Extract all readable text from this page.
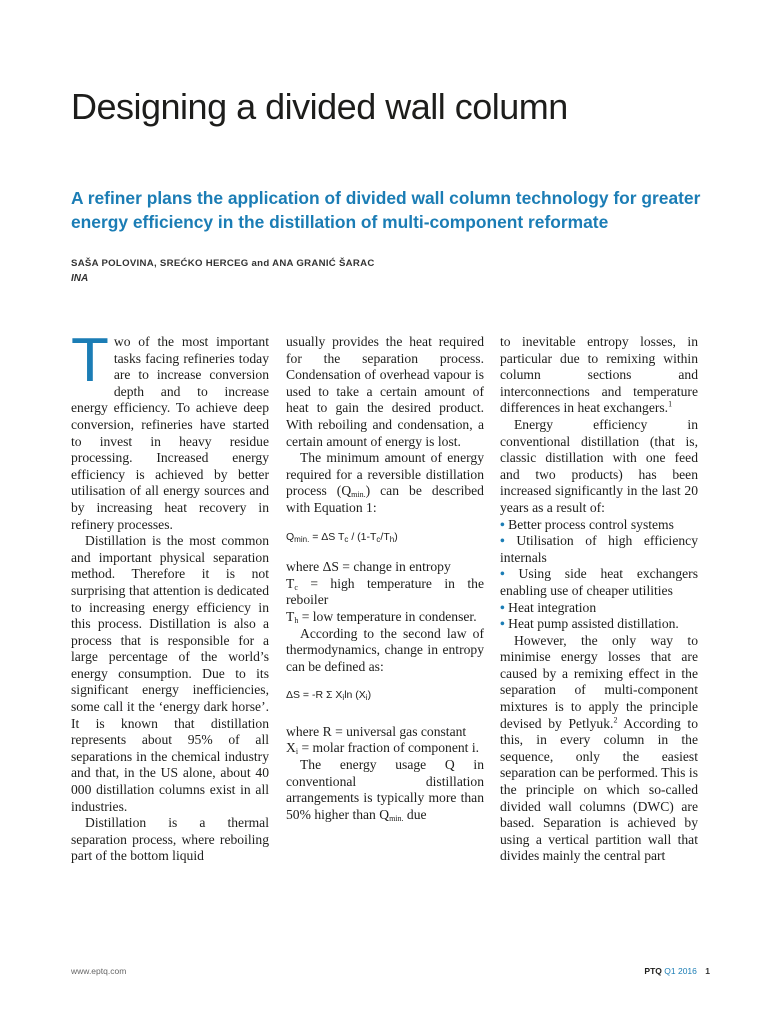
Designing a divided wall column

A refiner plans the application of divided wall column technology for greater energy efficiency in the distillation of multi-component reformate

SAŠA POLOVINA, SREĆKO HERCEG and ANA GRANIĆ ŠARAC
INA

Two of the most important tasks facing refineries today are to increase conversion depth and to increase energy efficiency. To achieve deep conversion, refineries have started to invest in heavy residue processing. Increased energy efficiency is achieved by better utilisation of all energy sources and by increasing heat recovery in refinery processes.

Distillation is the most common and important physical separation method. Therefore it is not surprising that attention is dedicated to increasing energy efficiency in this process. Distillation is also a process that is responsible for a large percentage of the world’s energy consumption. Due to its significant energy inefficiencies, some call it the ‘energy dark horse’. It is known that distillation represents about 95% of all separations in the chemical industry and that, in the US alone, about 40 000 distillation columns exist in all industries.

Distillation is a thermal separation process, where reboiling part of the bottom liquid

usually provides the heat required for the separation process. Condensation of overhead vapour is used to take a certain amount of heat to gain the desired product. With reboiling and condensation, a certain amount of energy is lost.

The minimum amount of energy required for a reversible distillation process $(Q_{min.})$ can be described with Equation 1:

$Q_{min.} = \Delta S$ $T_c / (1-T_c/T_h)$

where ΔS = change in entropy

$T_c$ = high temperature in the reboiler

$T_h$ = low temperature in condenser.

According to the second law of thermodynamics, change in entropy can be defined as:

ΔS = -R Σ $X_i\ln$ $(X_i)$

where R = universal gas constant

$X_i$ = molar fraction of component i.

The energy usage Q in conventional distillation arrangements is typically more than 50% higher than $Q_{min.}$ due

to inevitable entropy losses, in particular due to remixing within column sections and interconnections and temperature differences in heat exchangers.$^1$

Energy efficiency in conventional distillation (that is, classic distillation with one feed and two products) has been increased significantly in the last 20 years as a result of:

• Better process control systems

• Utilisation of high efficiency internals

• Using side heat exchangers enabling use of cheaper utilities

• Heat integration

• Heat pump assisted distillation.

However, the only way to minimise energy losses that are caused by a remixing effect in the separation of multi-component mixtures is to apply the principle devised by Petlyuk.$^2$ According to this, in every column in the sequence, only the easiest separation can be performed. This is the principle on which so-called divided wall columns (DWC) are based. Separation is achieved by using a vertical partition wall that divides mainly the central part

www.eptq.com	PTQ Q1 2016 1
